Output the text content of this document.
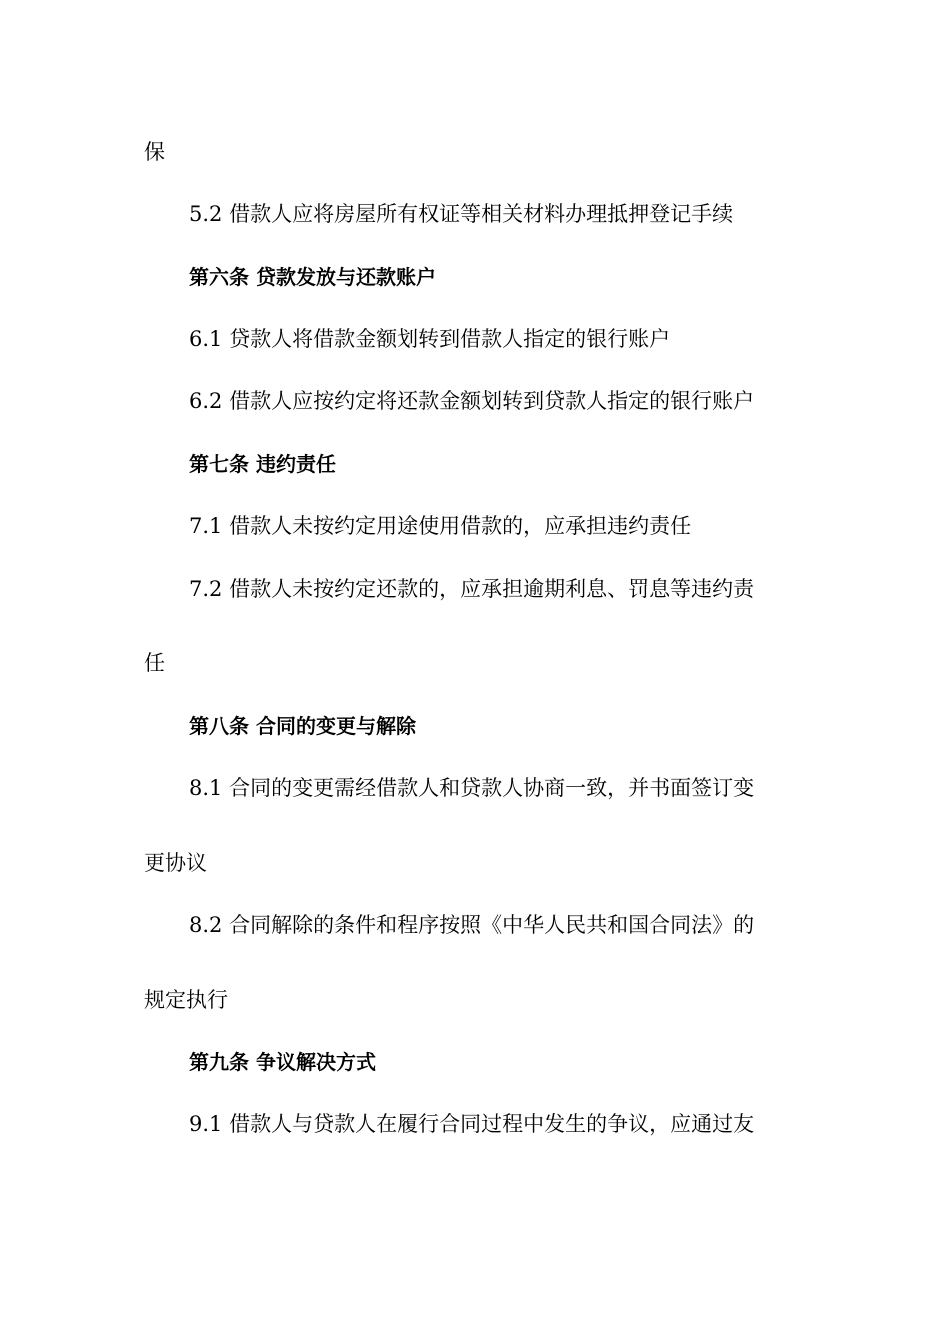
保
5.2 借款人应将房屋所有权证等相关材料办理抵押登记手续
第六条 贷款发放与还款账户
6.1 贷款人将借款金额划转到借款人指定的银行账户
6.2 借款人应按约定将还款金额划转到贷款人指定的银行账户
第七条 违约责任
7.1 借款人未按约定用途使用借款的，应承担违约责任
7.2 借款人未按约定还款的，应承担逾期利息、罚息等违约责
任
第八条 合同的变更与解除
8.1 合同的变更需经借款人和贷款人协商一致，并书面签订变
更协议
8.2 合同解除的条件和程序按照《中华人民共和国合同法》的
规定执行
第九条 争议解决方式
9.1 借款人与贷款人在履行合同过程中发生的争议，应通过友
